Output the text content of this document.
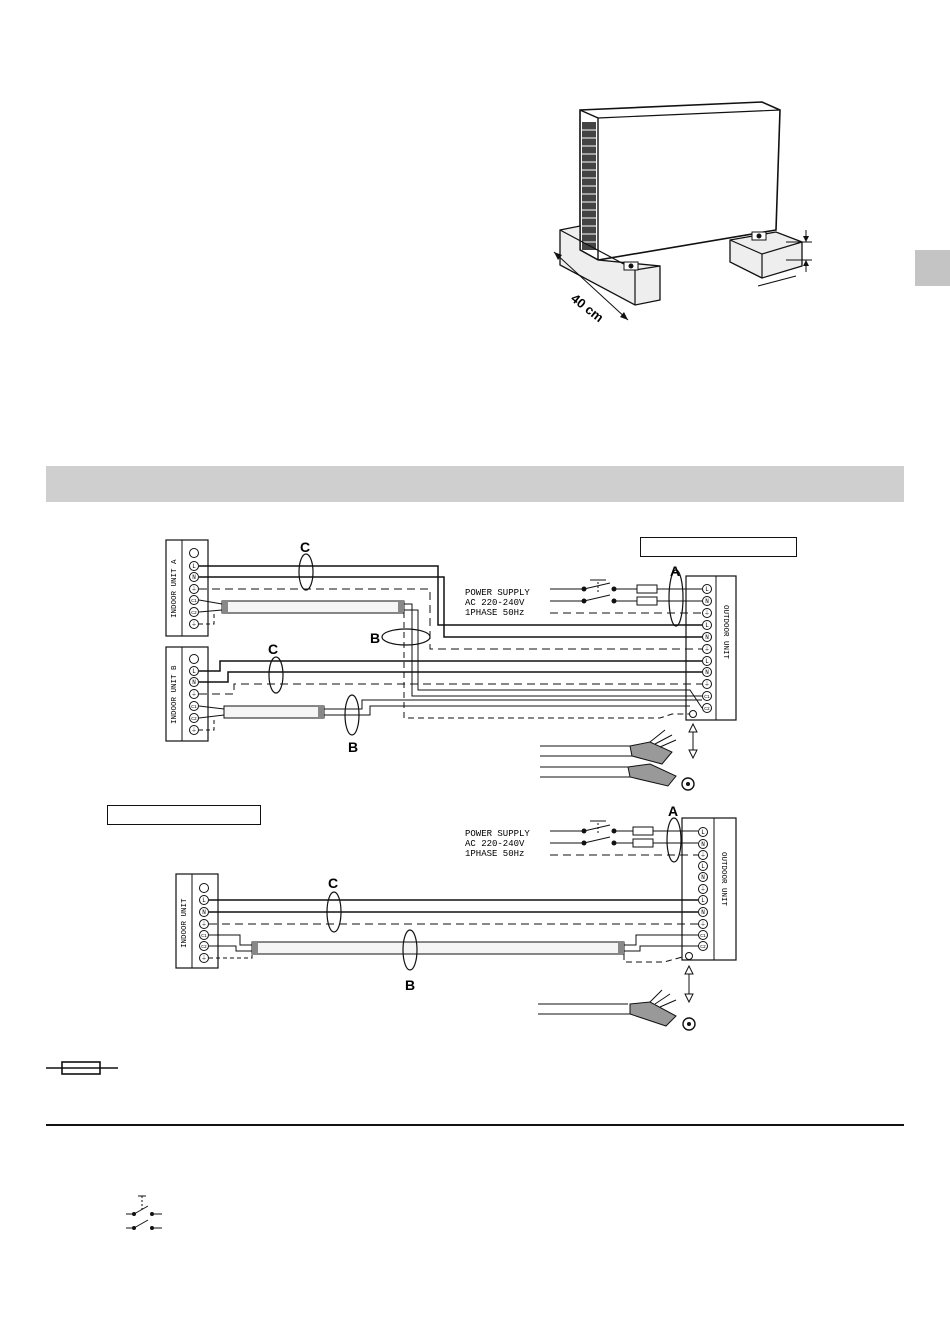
40 cm
INDOOR UNIT A L
N
⏚
C1
C2
⏚
INDOOR UNIT B L
N
⏚
C1
C2
⏚
OUTDOOR UNIT
L
N
⏚
L
N
⏚
L
N
⏚
C1
C2
POWER SUPPLY
AC 220-240V
1PHASE 50Hz
C
C
A
B
B
INDOOR UNIT L
N
⏚
C1
C2
⏚
OUTDOOR UNIT
L
N
⏚
L
N
⏚
L
N
⏚
C1
C2
POWER SUPPLY
AC 220-240V
1PHASE 50Hz
C
B
A
